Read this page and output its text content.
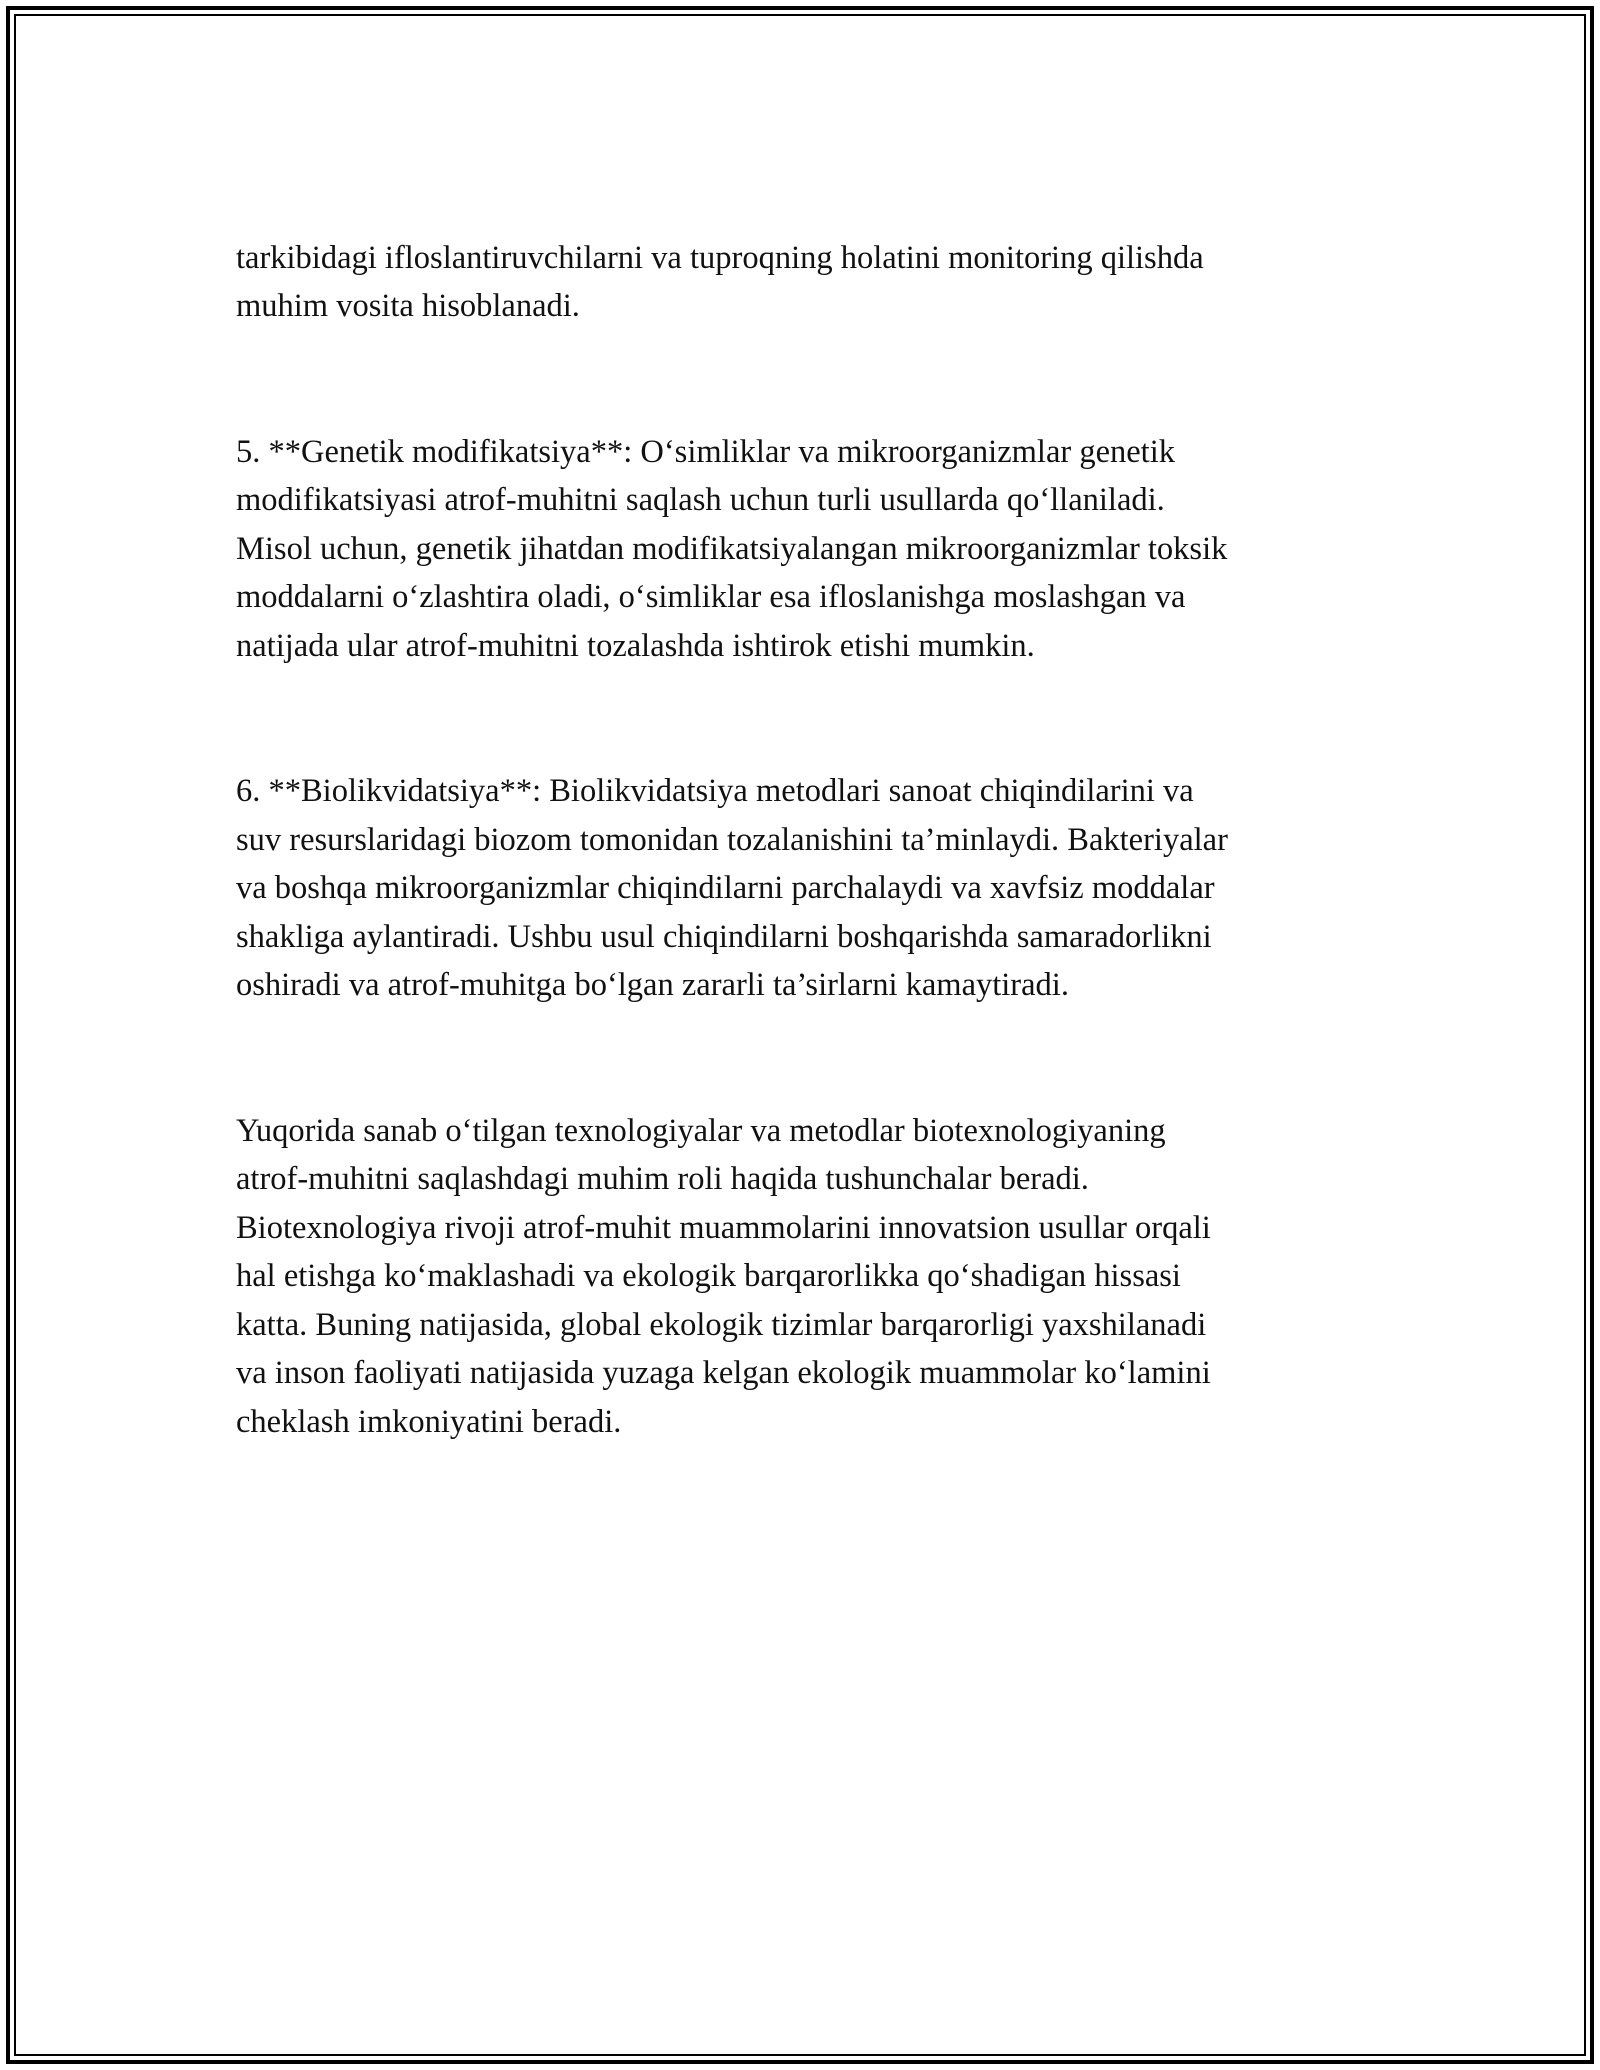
tarkibidagi ifloslantiruvchilarni va tuproqning holatini monitoring qilishda
muhim vosita hisoblanadi.

5. **Genetik modifikatsiya**: O‘simliklar va mikroorganizmlar genetik
modifikatsiyasi atrof-muhitni saqlash uchun turli usullarda qo‘llaniladi.
Misol uchun, genetik jihatdan modifikatsiyalangan mikroorganizmlar toksik
moddalarni o‘zlashtira oladi, o‘simliklar esa ifloslanishga moslashgan va
natijada ular atrof-muhitni tozalashda ishtirok etishi mumkin.

6. **Biolikvidatsiya**: Biolikvidatsiya metodlari sanoat chiqindilarini va
suv resurslaridagi biozom tomonidan tozalanishini ta’minlaydi. Bakteriyalar
va boshqa mikroorganizmlar chiqindilarni parchalaydi va xavfsiz moddalar
shakliga aylantiradi. Ushbu usul chiqindilarni boshqarishda samaradorlikni
oshiradi va atrof-muhitga bo‘lgan zararli ta’sirlarni kamaytiradi.

Yuqorida sanab o‘tilgan texnologiyalar va metodlar biotexnologiyaning
atrof-muhitni saqlashdagi muhim roli haqida tushunchalar beradi.
Biotexnologiya rivoji atrof-muhit muammolarini innovatsion usullar orqali
hal etishga ko‘maklashadi va ekologik barqarorlikka qo‘shadigan hissasi
katta. Buning natijasida, global ekologik tizimlar barqarorligi yaxshilanadi
va inson faoliyati natijasida yuzaga kelgan ekologik muammolar ko‘lamini
cheklash imkoniyatini beradi.
